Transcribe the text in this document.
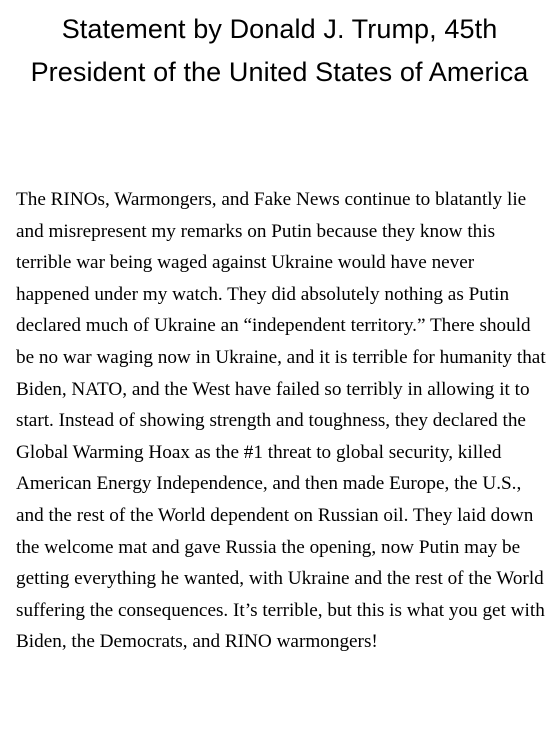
Statement by Donald J. Trump, 45th President of the United States of America

The RINOs, Warmongers, and Fake News continue to blatantly lie and misrepresent my remarks on Putin because they know this terrible war being waged against Ukraine would have never happened under my watch. They did absolutely nothing as Putin declared much of Ukraine an “independent territory.” There should be no war waging now in Ukraine, and it is terrible for humanity that Biden, NATO, and the West have failed so terribly in allowing it to start. Instead of showing strength and toughness, they declared the Global Warming Hoax as the #1 threat to global security, killed American Energy Independence, and then made Europe, the U.S., and the rest of the World dependent on Russian oil. They laid down the welcome mat and gave Russia the opening, now Putin may be getting everything he wanted, with Ukraine and the rest of the World suffering the consequences. It’s terrible, but this is what you get with Biden, the Democrats, and RINO warmongers!
